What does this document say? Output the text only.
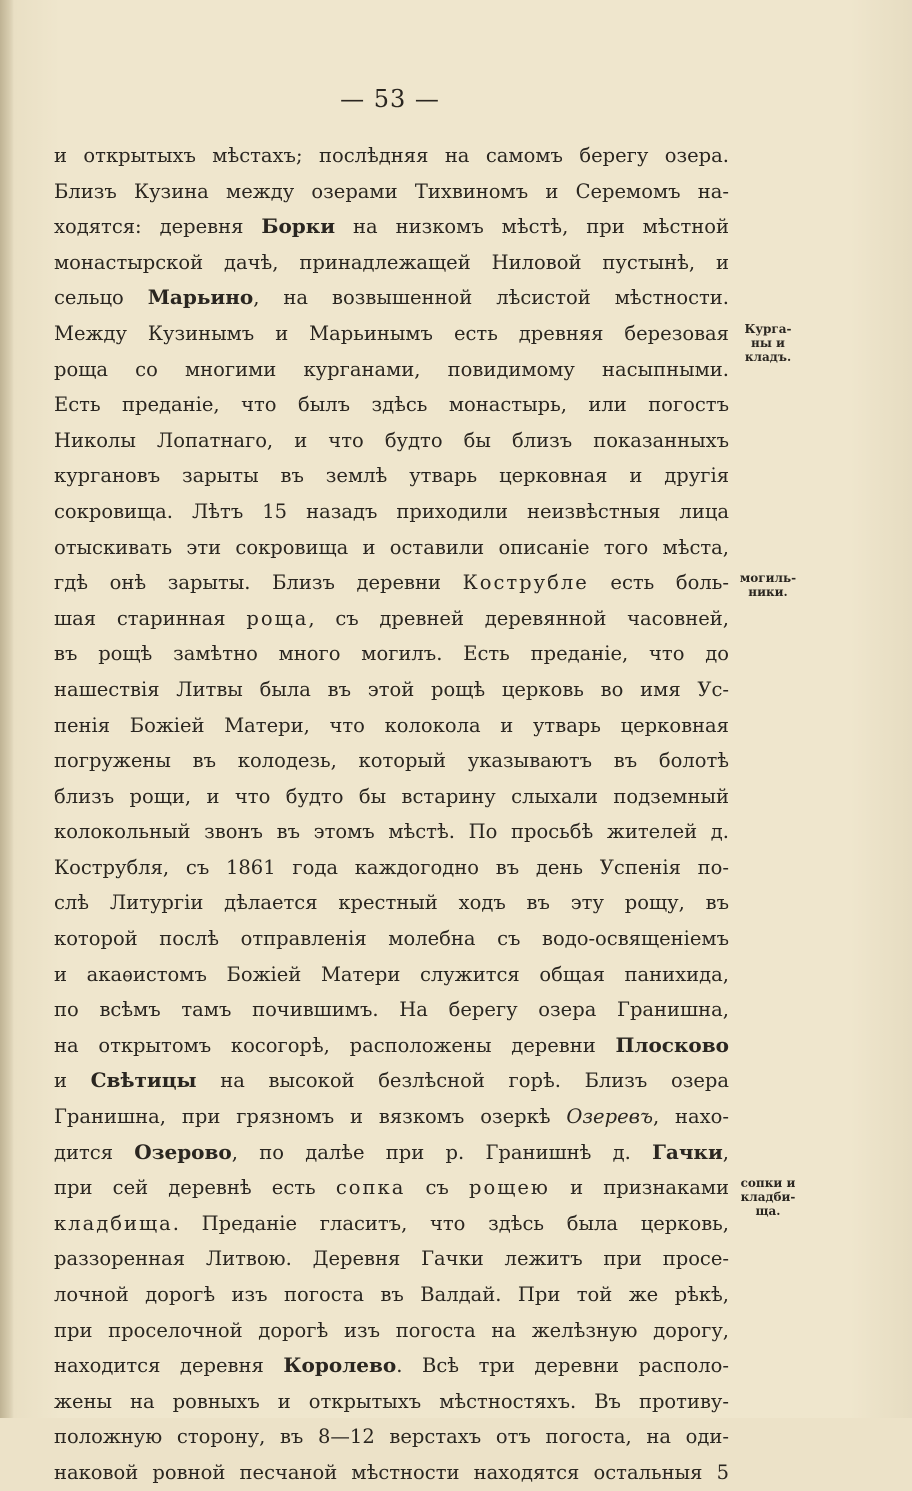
— 53 —
и открытыхъ мѣстахъ; послѣдняя на самомъ берегу озера.
Близъ Кузина между озерами Тихвиномъ и Серемомъ на-
ходятся: деревня Борки на низкомъ мѣстѣ, при мѣстной
монастырской дачѣ, принадлежащей Ниловой пустынѣ, и
сельцо Марьино, на возвышенной лѣсистой мѣстности.
Между Кузинымъ и Марьинымъ есть древняя березовая
роща со многими курганами, повидимому насыпными.
Есть преданіе, что былъ здѣсь монастырь, или погостъ
Николы Лопатнаго, и что будто бы близъ показанныхъ
кургановъ зарыты въ землѣ утварь церковная и другія
сокровища. Лѣтъ 15 назадъ приходили неизвѣстныя лица
отыскивать эти сокровища и оставили описаніе того мѣста,
гдѣ онѣ зарыты. Близъ деревни Кострубле есть боль-
шая старинная роща, съ древней деревянной часовней,
въ рощѣ замѣтно много могилъ. Есть преданіе, что до
нашествія Литвы была въ этой рощѣ церковь во имя Ус-
пенія Божіей Матери, что колокола и утварь церковная
погружены въ колодезь, который указываютъ въ болотѣ
близъ рощи, и что будто бы встарину слыхали подземный
колокольный звонъ въ этомъ мѣстѣ. По просьбѣ жителей д.
Кострубля, съ 1861 года каждогодно въ день Успенія по-
слѣ Литургіи дѣлается крестный ходъ въ эту рощу, въ
которой послѣ отправленія молебна съ водо-освященіемъ
и акаѳистомъ Божіей Матери служится общая панихида,
по всѣмъ тамъ почившимъ. На берегу озера Гранишна,
на открытомъ косогорѣ, расположены деревни Плосково
и Свѣтицы на высокой безлѣсной горѣ. Близъ озера
Гранишна, при грязномъ и вязкомъ озеркѣ Озеревъ, нахо-
дится Озерово, по далѣе при р. Гранишнѣ д. Гачки,
при сей деревнѣ есть сопка съ рощею и признаками
кладбища. Преданіе гласитъ, что здѣсь была церковь,
раззоренная Литвою. Деревня Гачки лежитъ при просе-
лочной дорогѣ изъ погоста въ Валдай. При той же рѣкѣ,
при проселочной дорогѣ изъ погоста на желѣзную дорогу,
находится деревня Королево. Всѣ три деревни располо-
жены на ровныхъ и открытыхъ мѣстностяхъ. Въ противу-
положную сторону, въ 8—12 верстахъ отъ погоста, на оди-
наковой ровной песчаной мѣстности находятся остальныя 5
Курга-
ны и
кладъ.
могиль-
ники.
сопки и
кладби-
ща.
